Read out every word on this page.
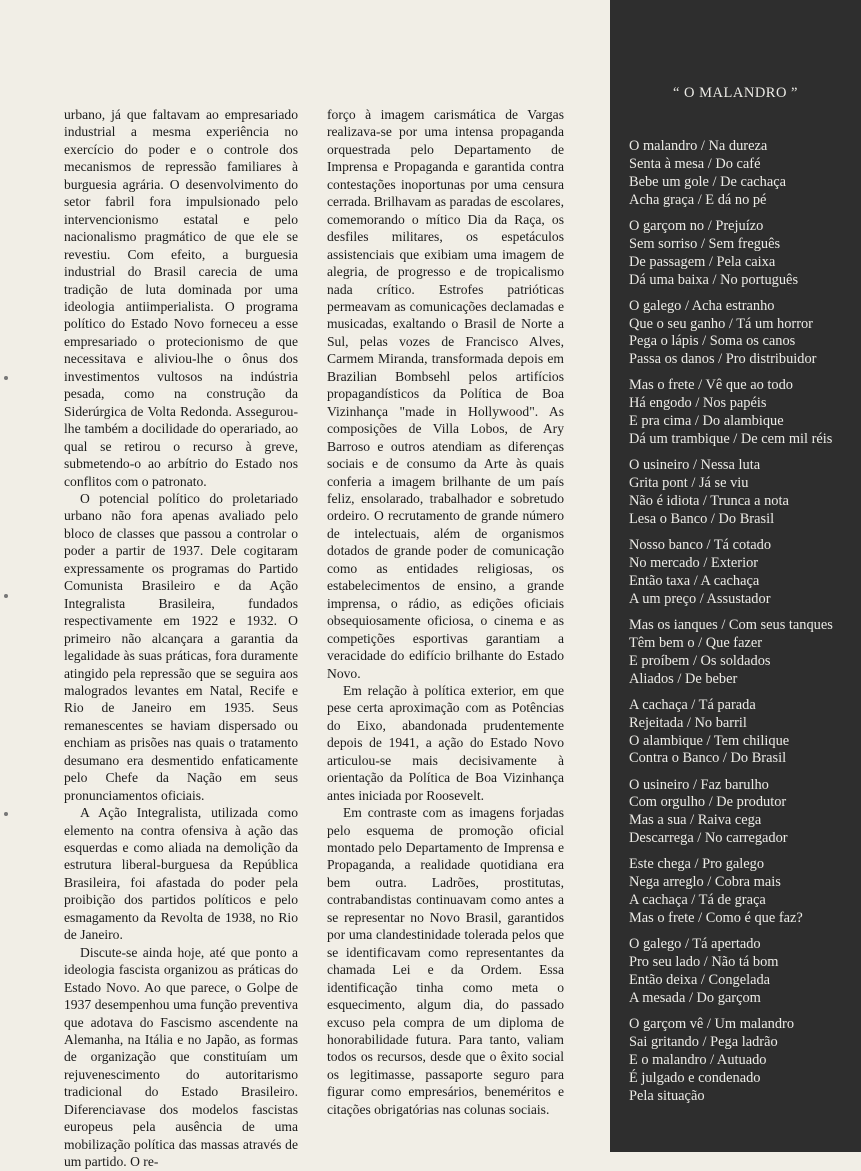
urbano, já que faltavam ao empresariado industrial a mesma experiência no exercício do poder e o controle dos mecanismos de repressão familiares à burguesia agrária. O desenvolvimento do setor fabril fora impulsionado pelo intervencionismo estatal e pelo nacionalismo pragmático de que ele se revestiu. Com efeito, a burguesia industrial do Brasil carecia de uma tradição de luta dominada por uma ideologia antiimperialista. O programa político do Estado Novo forneceu a esse empresariado o protecionismo de que necessitava e aliviou-lhe o ônus dos investimentos vultosos na indústria pesada, como na construção da Siderúrgica de Volta Redonda. Assegurou-lhe também a docilidade do operariado, ao qual se retirou o recurso à greve, submetendo-o ao arbítrio do Estado nos conflitos com o patronato.

O potencial político do proletariado urbano não fora apenas avaliado pelo bloco de classes que passou a controlar o poder a partir de 1937. Dele cogitaram expressamente os programas do Partido Comunista Brasileiro e da Ação Integralista Brasileira, fundados respectivamente em 1922 e 1932. O primeiro não alcançara a garantia da legalidade às suas práticas, fora duramente atingido pela repressão que se seguira aos malogrados levantes em Natal, Recife e Rio de Janeiro em 1935. Seus remanescentes se haviam dispersado ou enchiam as prisões nas quais o tratamento desumano era desmentido enfaticamente pelo Chefe da Nação em seus pronunciamentos oficiais.

A Ação Integralista, utilizada como elemento na contra ofensiva à ação das esquerdas e como aliada na demolição da estrutura liberal-burguesa da República Brasileira, foi afastada do poder pela proibição dos partidos políticos e pelo esmagamento da Revolta de 1938, no Rio de Janeiro.

Discute-se ainda hoje, até que ponto a ideologia fascista organizou as práticas do Estado Novo. Ao que parece, o Golpe de 1937 desempenhou uma função preventiva que adotava do Fascismo ascendente na Alemanha, na Itália e no Japão, as formas de organização que constituíam um rejuvenescimento do autoritarismo tradicional do Estado Brasileiro. Diferenciavase dos modelos fascistas europeus pela ausência de uma mobilização política das massas através de um partido. O re-

forço à imagem carismática de Vargas realizava-se por uma intensa propaganda orquestrada pelo Departamento de Imprensa e Propaganda e garantida contra contestações inoportunas por uma censura cerrada. Brilhavam as paradas de escolares, comemorando o mítico Dia da Raça, os desfiles militares, os espetáculos assistenciais que exibiam uma imagem de alegria, de progresso e de tropicalismo nada crítico. Estrofes patrióticas permeavam as comunicações declamadas e musicadas, exaltando o Brasil de Norte a Sul, pelas vozes de Francisco Alves, Carmem Miranda, transformada depois em Brazilian Bombsehl pelos artifícios propagandísticos da Política de Boa Vizinhança "made in Hollywood". As composições de Villa Lobos, de Ary Barroso e outros atendiam as diferenças sociais e de consumo da Arte às quais conferia a imagem brilhante de um país feliz, ensolarado, trabalhador e sobretudo ordeiro. O recrutamento de grande número de intelectuais, além de organismos dotados de grande poder de comunicação como as entidades religiosas, os estabelecimentos de ensino, a grande imprensa, o rádio, as edições oficiais obsequiosamente oficiosa, o cinema e as competições esportivas garantiam a veracidade do edifício brilhante do Estado Novo.

Em relação à política exterior, em que pese certa aproximação com as Potências do Eixo, abandonada prudentemente depois de 1941, a ação do Estado Novo articulou-se mais decisivamente à orientação da Política de Boa Vizinhança antes iniciada por Roosevelt.

Em contraste com as imagens forjadas pelo esquema de promoção oficial montado pelo Departamento de Imprensa e Propaganda, a realidade quotidiana era bem outra. Ladrões, prostitutas, contrabandistas continuavam como antes a se representar no Novo Brasil, garantidos por uma clandestinidade tolerada pelos que se identificavam como representantes da chamada Lei e da Ordem. Essa identificação tinha como meta o esquecimento, algum dia, do passado excuso pela compra de um diploma de honorabilidade futura. Para tanto, valiam todos os recursos, desde que o êxito social os legitimasse, passaporte seguro para figurar como empresários, beneméritos e citações obrigatórias nas colunas sociais.

“ O MALANDRO ”
O malandro / Na dureza
Senta à mesa / Do café
Bebe um gole / De cachaça
Acha graça / E dá no pé
O garçom no / Prejuízo
Sem sorriso / Sem freguês
De passagem / Pela caixa
Dá uma baixa / No português
O galego / Acha estranho
Que o seu ganho / Tá um horror
Pega o lápis / Soma os canos
Passa os danos / Pro distribuidor
Mas o frete / Vê que ao todo
Há engodo / Nos papéis
E pra cima / Do alambique
Dá um trambique / De cem mil réis
O usineiro / Nessa luta
Grita pont / Já se viu
Não é idiota / Trunca a nota
Lesa o Banco / Do Brasil
Nosso banco / Tá cotado
No mercado / Exterior
Então taxa / A cachaça
A um preço / Assustador
Mas os ianques / Com seus tanques
Têm bem o / Que fazer
E proíbem / Os soldados
Aliados / De beber
A cachaça / Tá parada
Rejeitada / No barril
O alambique / Tem chilique
Contra o Banco / Do Brasil
O usineiro / Faz barulho
Com orgulho / De produtor
Mas a sua / Raiva cega
Descarrega / No carregador
Este chega / Pro galego
Nega arreglo / Cobra mais
A cachaça / Tá de graça
Mas o frete / Como é que faz?
O galego / Tá apertado
Pro seu lado / Não tá bom
Então deixa / Congelada
A mesada / Do garçom
O garçom vê / Um malandro
Sai gritando / Pega ladrão
E o malandro / Autuado
É julgado e condenado
Pela situação
